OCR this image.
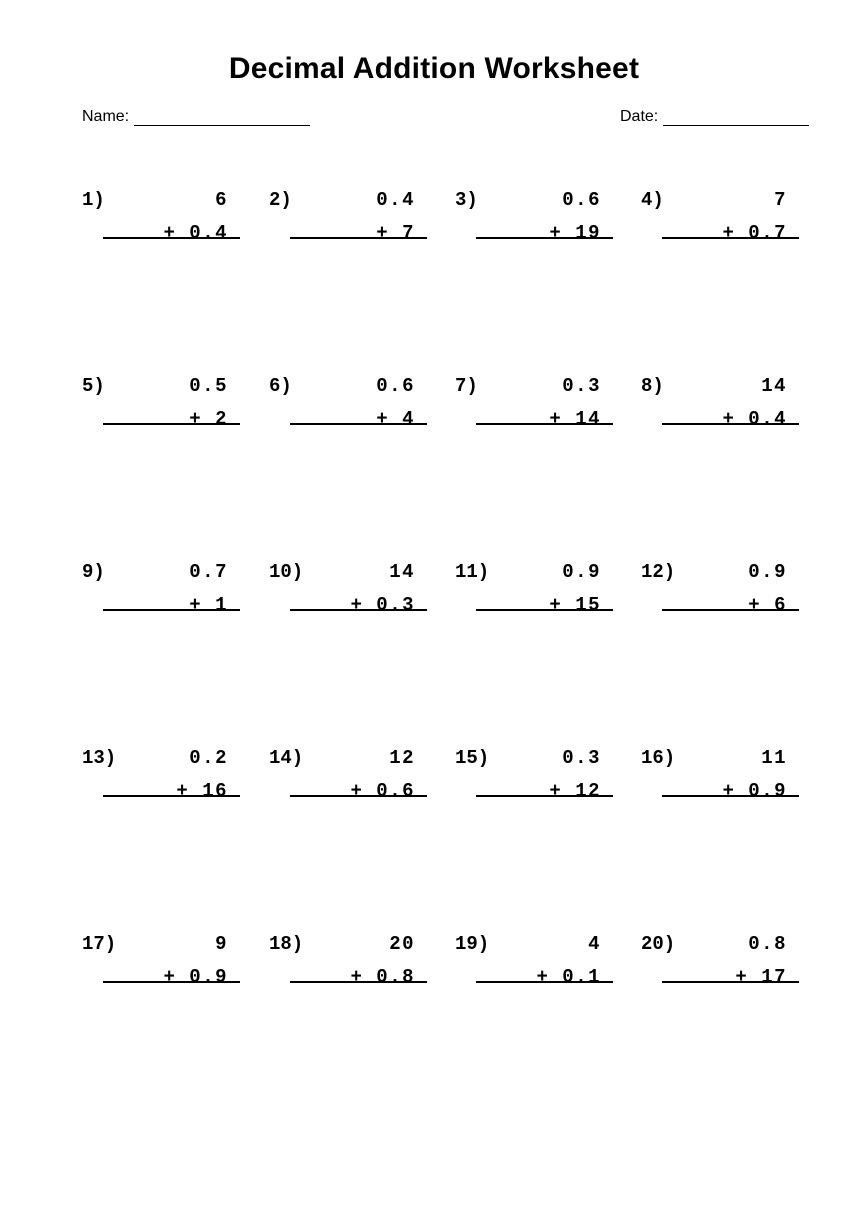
Decimal Addition Worksheet
Name:	Date:
1)	6
+ 0.4
2)	0.4
+ 7
3)	0.6
+ 19
4)	7
+ 0.7
5)	0.5
+ 2
6)	0.6
+ 4
7)	0.3
+ 14
8)	14
+ 0.4
9)	0.7
+ 1
10)	14
+ 0.3
11)	0.9
+ 15
12)	0.9
+ 6
13)	0.2
+ 16
14)	12
+ 0.6
15)	0.3
+ 12
16)	11
+ 0.9
17)	9
+ 0.9
18)	20
+ 0.8
19)	4
+ 0.1
20)	0.8
+ 17
